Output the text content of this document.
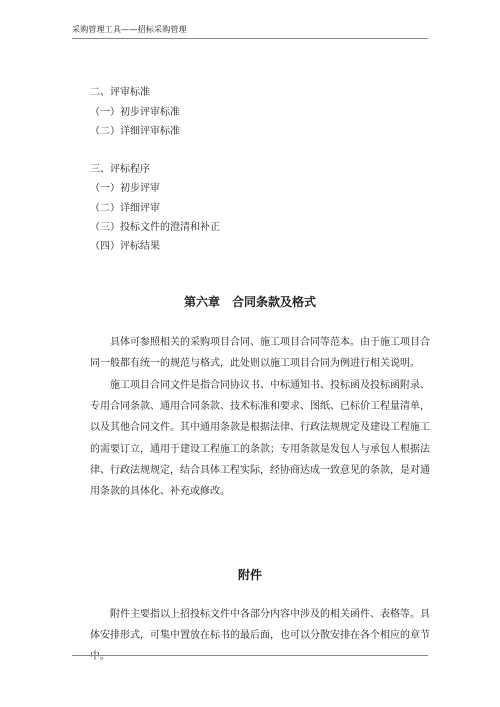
采购管理工具——招标采购管理
二、评审标准
（一）初步评审标准
（二）详细评审标准
三、评标程序
（一）初步评审
（二）详细评审
（三）投标文件的澄清和补正
（四）评标结果
第六章　合同条款及格式
具体可参照相关的采购项目合同、施工项目合同等范本。由于施工项目合同一般都有统一的规范与格式，此处则以施工项目合同为例进行相关说明。
施工项目合同文件是指合同协议书、中标通知书、投标函及投标函附录、专用合同条款、通用合同条款、技术标准和要求、图纸、已标价工程量清单，以及其他合同文件。其中通用条款是根据法律、行政法规规定及建设工程施工的需要订立，通用于建设工程施工的条款；专用条款是发包人与承包人根据法律、行政法规规定，结合具体工程实际，经协商达成一致意见的条款，是对通用条款的具体化、补充或修改。
附件
附件主要指以上招投标文件中各部分内容中涉及的相关函件、表格等。具体安排形式，可集中置放在标书的最后面，也可以分散安排在各个相应的章节中。
